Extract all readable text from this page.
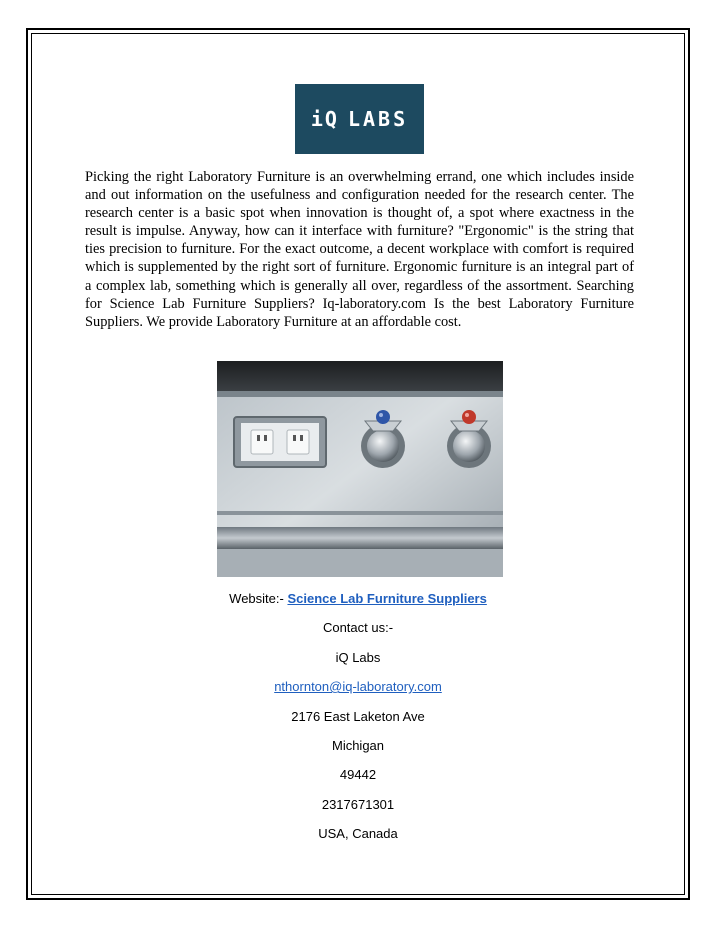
iQ LABS

Picking the right Laboratory Furniture is an overwhelming errand, one which includes inside and out information on the usefulness and configuration needed for the research center. The research center is a basic spot when innovation is thought of, a spot where exactness in the result is impulse. Anyway, how can it interface with furniture? "Ergonomic" is the string that ties precision to furniture. For the exact outcome, a decent workplace with comfort is required which is supplemented by the right sort of furniture. Ergonomic furniture is an integral part of a complex lab, something which is generally all over, regardless of the assortment. Searching for Science Lab Furniture Suppliers? Iq-laboratory.com Is the best Laboratory Furniture Suppliers. We provide Laboratory Furniture at an affordable cost.

Website:- Science Lab Furniture Suppliers
Contact us:-
iQ Labs
nthornton@iq-laboratory.com
2176 East Laketon Ave
Michigan
49442
2317671301
USA, Canada
